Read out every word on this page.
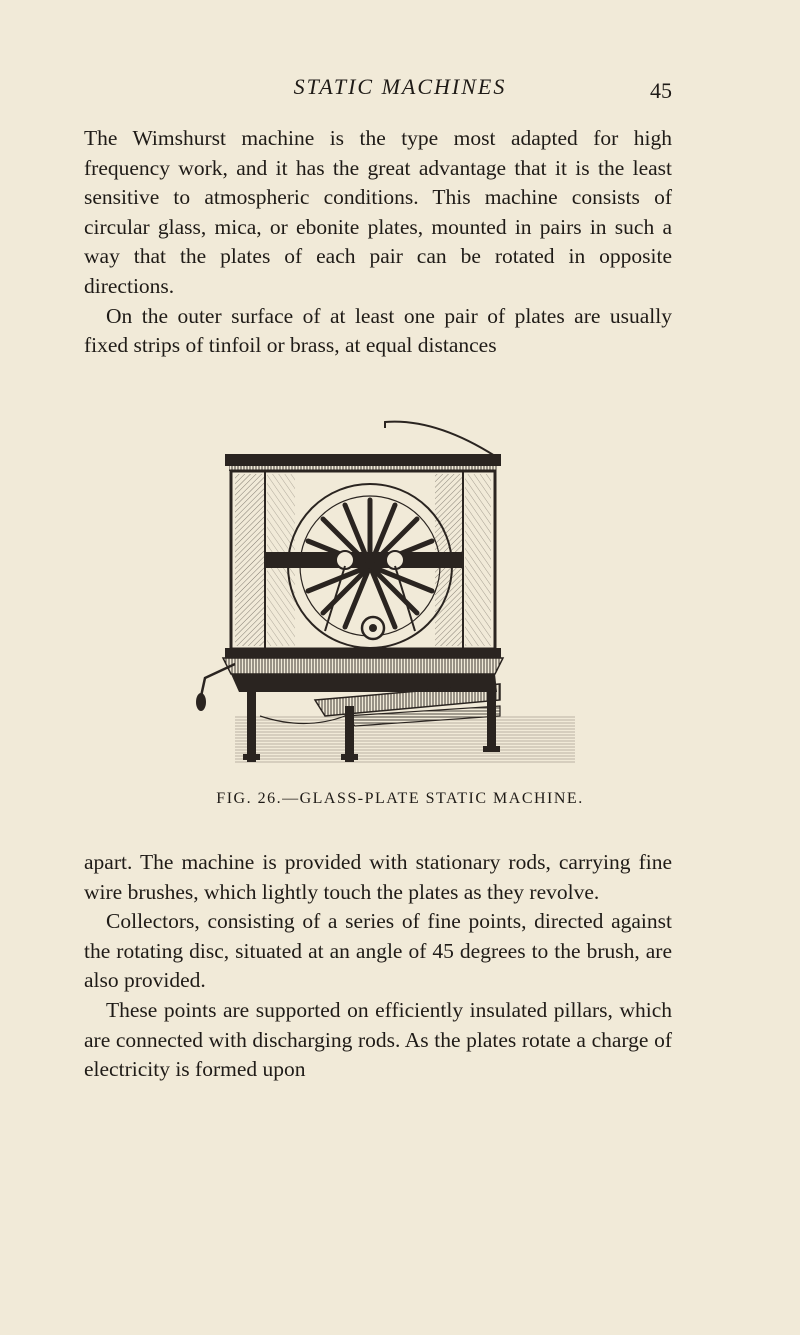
STATIC MACHINES	45

The Wimshurst machine is the type most adapted for high frequency work, and it has the great advantage that it is the least sensitive to atmospheric conditions. This machine consists of circular glass, mica, or ebonite plates, mounted in pairs in such a way that the plates of each pair can be rotated in opposite directions.

On the outer surface of at least one pair of plates are usually fixed strips of tinfoil or brass, at equal distances

FIG. 26.—GLASS-PLATE STATIC MACHINE.

apart. The machine is provided with stationary rods, carrying fine wire brushes, which lightly touch the plates as they revolve.

Collectors, consisting of a series of fine points, directed against the rotating disc, situated at an angle of 45 degrees to the brush, are also provided.

These points are supported on efficiently insulated pillars, which are connected with discharging rods. As the plates rotate a charge of electricity is formed upon
